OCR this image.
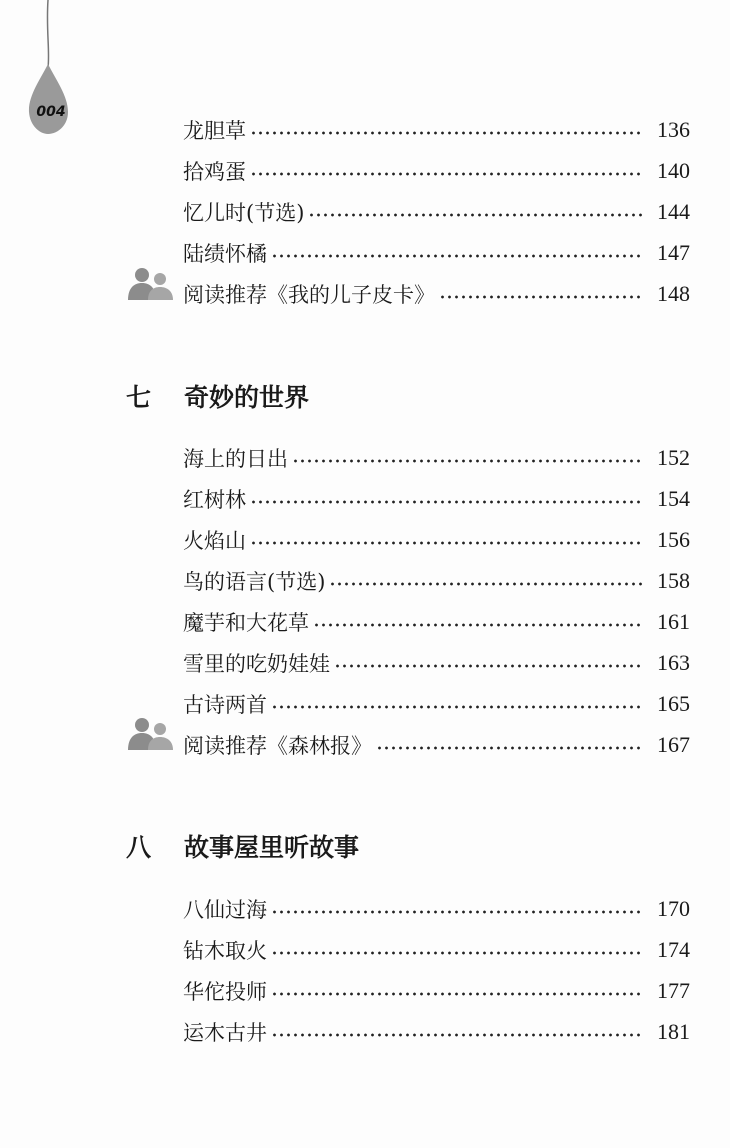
004
龙胆草	136
拾鸡蛋	140
忆儿时(节选)	144
陆绩怀橘	147
阅读推荐《我的儿子皮卡》	148
七	奇妙的世界
海上的日出	152
红树林	154
火焰山	156
鸟的语言(节选)	158
魔芋和大花草	161
雪里的吃奶娃娃	163
古诗两首	165
阅读推荐《森林报》	167
八	故事屋里听故事
八仙过海	170
钻木取火	174
华佗投师	177
运木古井	181
